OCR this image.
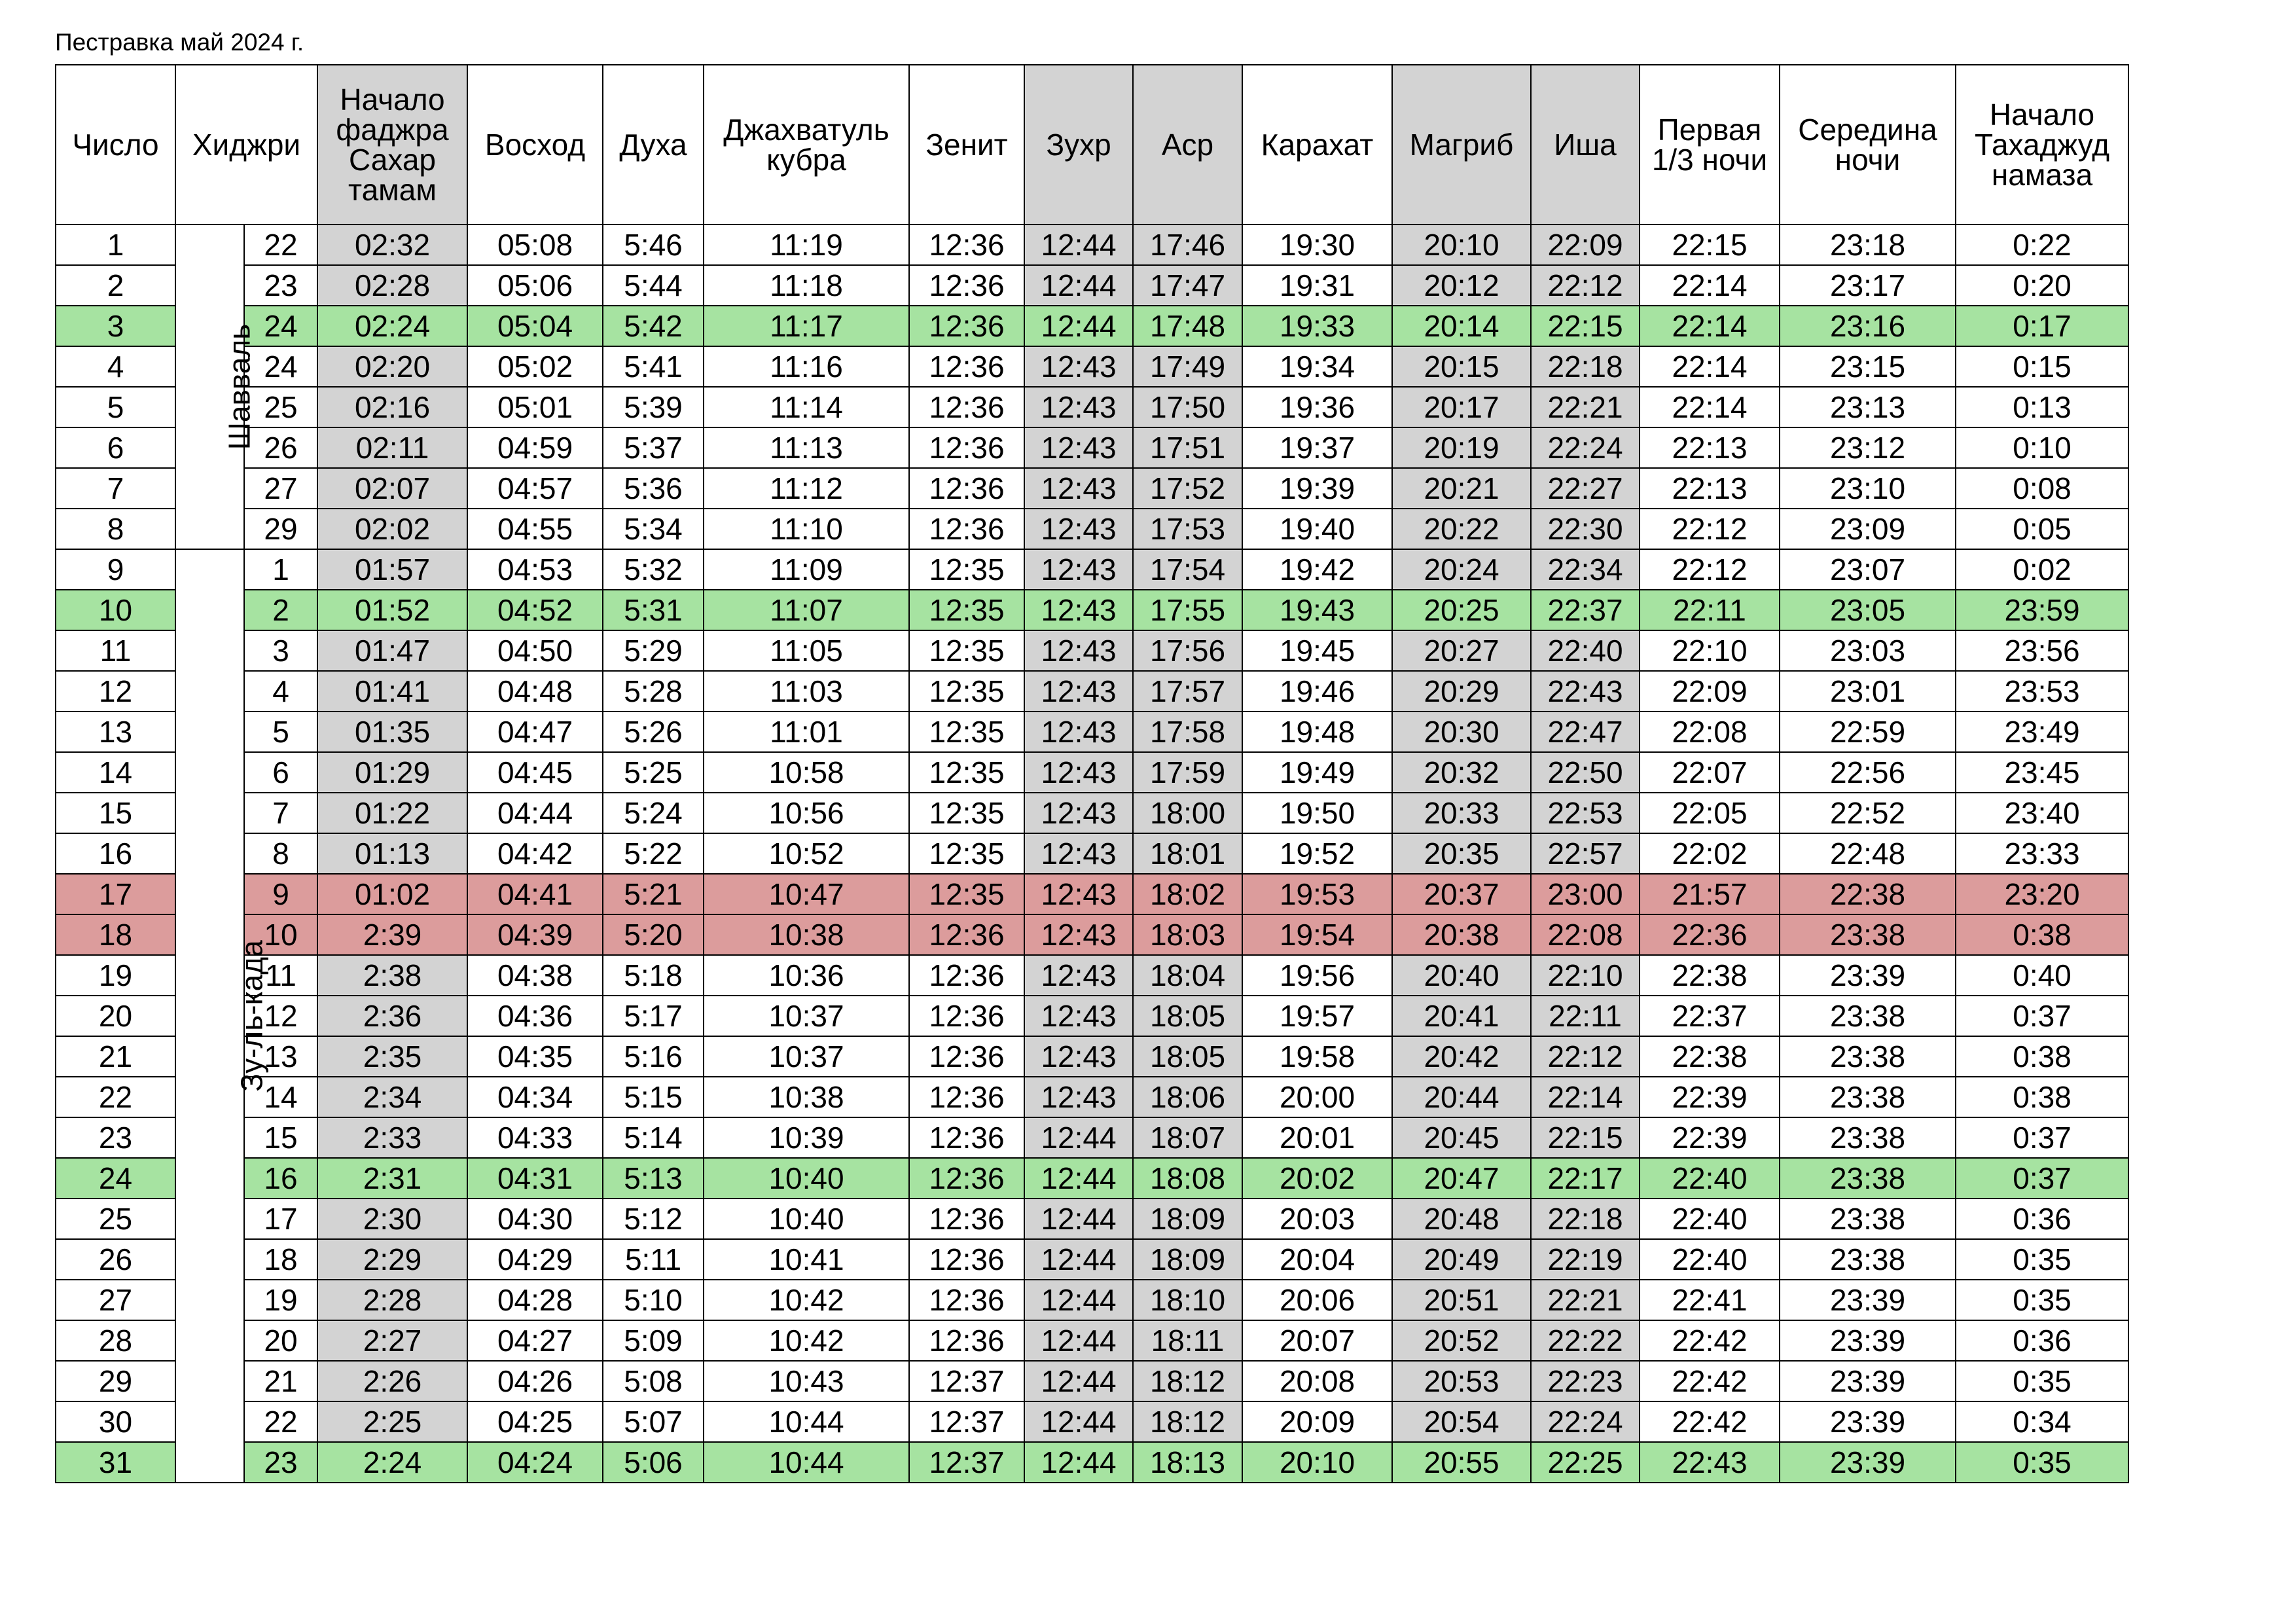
Пестравка май 2024 г.
Число	Хиджри		Начало фаджра Сахар тамам	Восход	Духа	Джахватуль кубра	Зенит	Зухр	Аср	Карахат	Магриб	Иша	Первая 1/3 ночи	Середина ночи	Начало Тахаджуд намаза
1	Шавваль	22	02:32	05:08	5:46	11:19	12:36	12:44	17:46	19:30	20:10	22:09	22:15	23:18	0:22
2		23	02:28	05:06	5:44	11:18	12:36	12:44	17:47	19:31	20:12	22:12	22:14	23:17	0:20
3		24	02:24	05:04	5:42	11:17	12:36	12:44	17:48	19:33	20:14	22:15	22:14	23:16	0:17
4		24	02:20	05:02	5:41	11:16	12:36	12:43	17:49	19:34	20:15	22:18	22:14	23:15	0:15
5		25	02:16	05:01	5:39	11:14	12:36	12:43	17:50	19:36	20:17	22:21	22:14	23:13	0:13
6		26	02:11	04:59	5:37	11:13	12:36	12:43	17:51	19:37	20:19	22:24	22:13	23:12	0:10
7		27	02:07	04:57	5:36	11:12	12:36	12:43	17:52	19:39	20:21	22:27	22:13	23:10	0:08
8		29	02:02	04:55	5:34	11:10	12:36	12:43	17:53	19:40	20:22	22:30	22:12	23:09	0:05
9	Зу-ль-када	1	01:57	04:53	5:32	11:09	12:35	12:43	17:54	19:42	20:24	22:34	22:12	23:07	0:02
10		2	01:52	04:52	5:31	11:07	12:35	12:43	17:55	19:43	20:25	22:37	22:11	23:05	23:59
11		3	01:47	04:50	5:29	11:05	12:35	12:43	17:56	19:45	20:27	22:40	22:10	23:03	23:56
12		4	01:41	04:48	5:28	11:03	12:35	12:43	17:57	19:46	20:29	22:43	22:09	23:01	23:53
13		5	01:35	04:47	5:26	11:01	12:35	12:43	17:58	19:48	20:30	22:47	22:08	22:59	23:49
14		6	01:29	04:45	5:25	10:58	12:35	12:43	17:59	19:49	20:32	22:50	22:07	22:56	23:45
15		7	01:22	04:44	5:24	10:56	12:35	12:43	18:00	19:50	20:33	22:53	22:05	22:52	23:40
16		8	01:13	04:42	5:22	10:52	12:35	12:43	18:01	19:52	20:35	22:57	22:02	22:48	23:33
17		9	01:02	04:41	5:21	10:47	12:35	12:43	18:02	19:53	20:37	23:00	21:57	22:38	23:20
18		10	2:39	04:39	5:20	10:38	12:36	12:43	18:03	19:54	20:38	22:08	22:36	23:38	0:38
19		11	2:38	04:38	5:18	10:36	12:36	12:43	18:04	19:56	20:40	22:10	22:38	23:39	0:40
20		12	2:36	04:36	5:17	10:37	12:36	12:43	18:05	19:57	20:41	22:11	22:37	23:38	0:37
21		13	2:35	04:35	5:16	10:37	12:36	12:43	18:05	19:58	20:42	22:12	22:38	23:38	0:38
22		14	2:34	04:34	5:15	10:38	12:36	12:43	18:06	20:00	20:44	22:14	22:39	23:38	0:38
23		15	2:33	04:33	5:14	10:39	12:36	12:44	18:07	20:01	20:45	22:15	22:39	23:38	0:37
24		16	2:31	04:31	5:13	10:40	12:36	12:44	18:08	20:02	20:47	22:17	22:40	23:38	0:37
25		17	2:30	04:30	5:12	10:40	12:36	12:44	18:09	20:03	20:48	22:18	22:40	23:38	0:36
26		18	2:29	04:29	5:11	10:41	12:36	12:44	18:09	20:04	20:49	22:19	22:40	23:38	0:35
27		19	2:28	04:28	5:10	10:42	12:36	12:44	18:10	20:06	20:51	22:21	22:41	23:39	0:35
28		20	2:27	04:27	5:09	10:42	12:36	12:44	18:11	20:07	20:52	22:22	22:42	23:39	0:36
29		21	2:26	04:26	5:08	10:43	12:37	12:44	18:12	20:08	20:53	22:23	22:42	23:39	0:35
30		22	2:25	04:25	5:07	10:44	12:37	12:44	18:12	20:09	20:54	22:24	22:42	23:39	0:34
31		23	2:24	04:24	5:06	10:44	12:37	12:44	18:13	20:10	20:55	22:25	22:43	23:39	0:35
